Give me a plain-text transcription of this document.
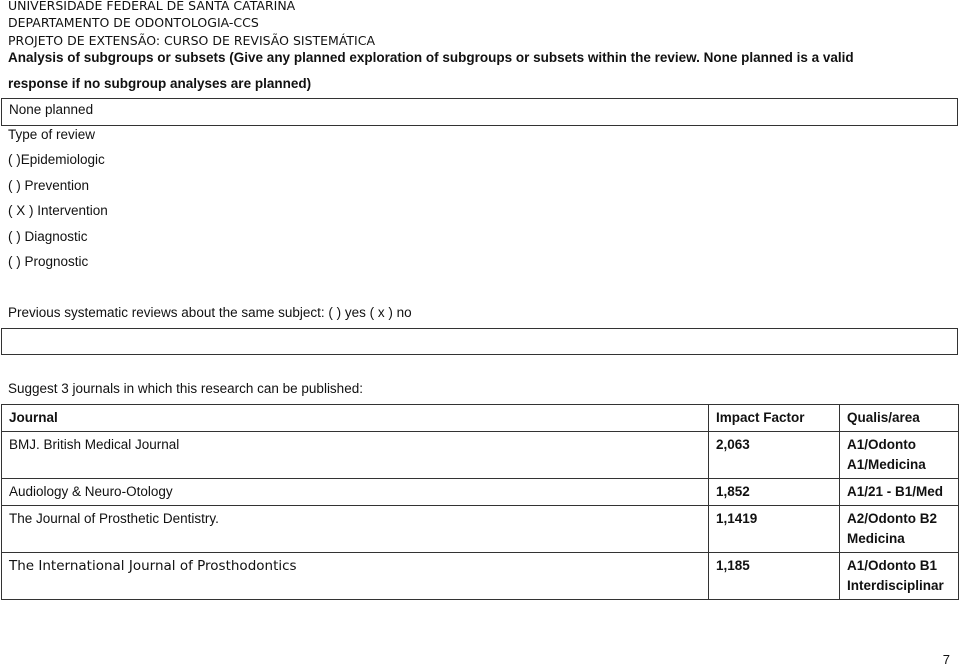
UNIVERSIDADE FEDERAL DE SANTA CATARINA
DEPARTAMENTO DE ODONTOLOGIA-CCS
PROJETO DE EXTENSÃO: CURSO DE REVISÃO SISTEMÁTICA
Analysis of subgroups or subsets (Give any planned exploration of subgroups or subsets within the review. None planned is a valid
response if no subgroup analyses are planned)
None planned
Type of review
( )Epidemiologic
( ) Prevention
( X ) Intervention
( ) Diagnostic
( ) Prognostic
Previous systematic reviews about the same subject: ( ) yes ( x ) no
Suggest 3 journals in which this research can be published:
Journal	Impact Factor	Qualis/area
BMJ. British Medical Journal	2,063	A1/Odonto
A1/Medicina

Audiology & Neuro-Otology	1,852	A1/21 - B1/Med

The Journal of Prosthetic Dentistry.	1,1419	A2/Odonto B2
Medicina

The International Journal of Prosthodontics	1,185	A1/Odonto B1
Interdisciplinar
7
